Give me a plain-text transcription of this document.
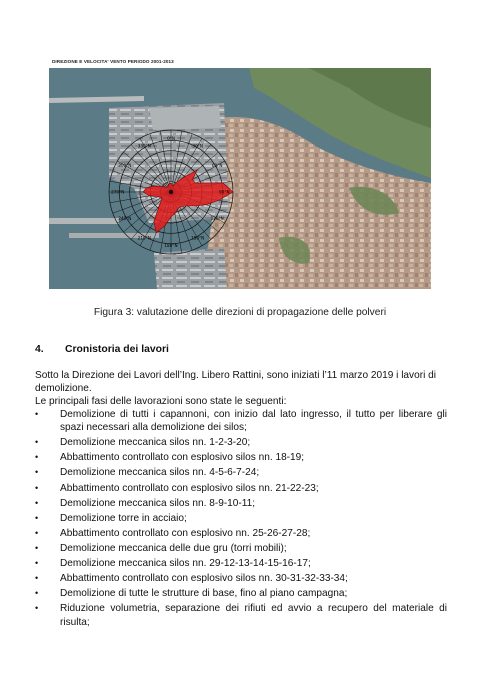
DIREZIONE E VELOCITA' VENTO PERIODO 2001-2013
0°N
30°N
60°N
90°N
120°N
150°N
180°N
210°N
240°N
270°N
300°N
330°N
Figura 3: valutazione delle direzioni di propagazione delle polveri
4. Cronistoria dei lavori
Sotto la Direzione dei Lavori dell’Ing. Libero Rattini, sono iniziati l’11 marzo 2019 i lavori di demolizione.
Le principali fasi delle lavorazioni sono state le seguenti:
• Demolizione di tutti i capannoni, con inizio dal lato ingresso, il tutto per liberare gli spazi necessari alla demolizione dei silos;
• Demolizione meccanica silos nn. 1-2-3-20;
• Abbattimento controllato con esplosivo silos nn. 18-19;
• Demolizione meccanica silos nn. 4-5-6-7-24;
• Abbattimento controllato con esplosivo silos nn. 21-22-23;
• Demolizione meccanica silos nn. 8-9-10-11;
• Demolizione torre in acciaio;
• Abbattimento controllato con esplosivo nn. 25-26-27-28;
• Demolizione meccanica delle due gru (torri mobili);
• Demolizione meccanica silos nn. 29-12-13-14-15-16-17;
• Abbattimento controllato con esplosivo silos nn. 30-31-32-33-34;
• Demolizione di tutte le strutture di base, fino al piano campagna;
• Riduzione volumetria, separazione dei rifiuti ed avvio a recupero del materiale di risulta;
